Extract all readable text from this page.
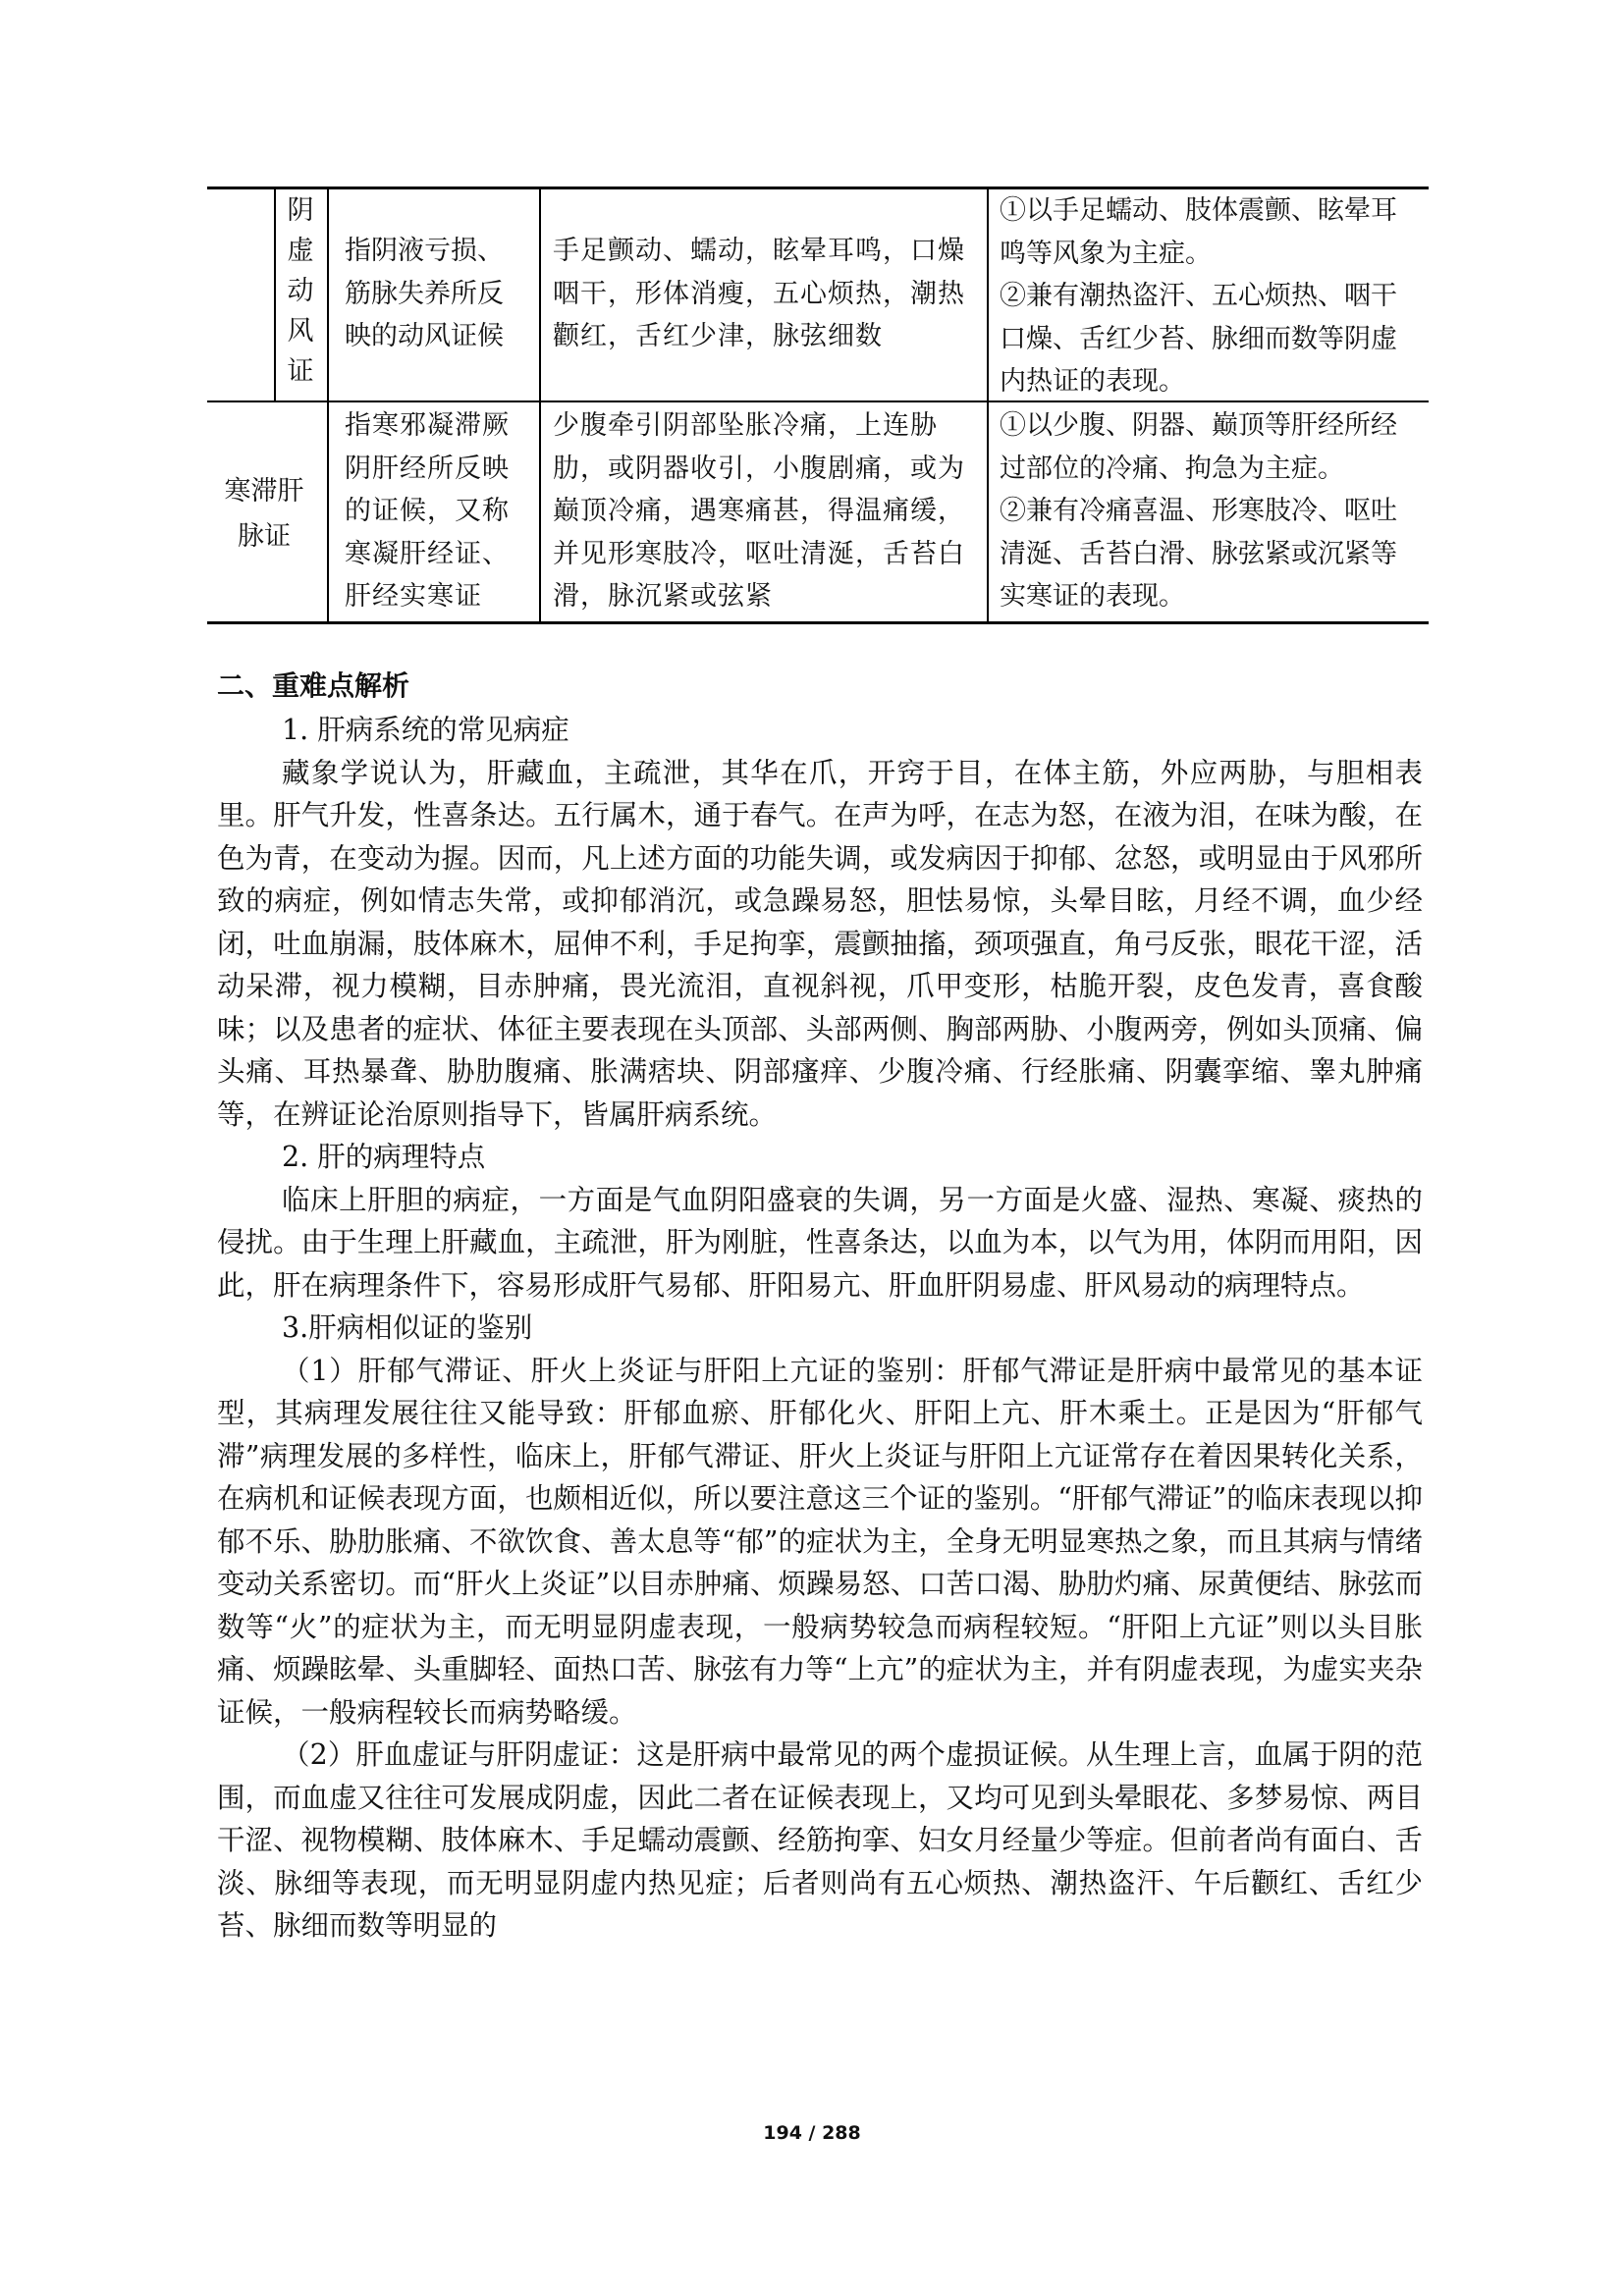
阴
虚
动
风
证

指阴液亏损、筋脉失养所反映的动风证候

手足颤动、蠕动，眩晕耳鸣，口燥咽干，形体消瘦，五心烦热，潮热颧红，舌红少津，脉弦细数

①以手足蠕动、肢体震颤、眩晕耳鸣等风象为主症。

②兼有潮热盗汗、五心烦热、咽干口燥、舌红少苔、脉细而数等阴虚内热证的表现。

寒滞肝脉证

指寒邪凝滞厥阴肝经所反映的证候，又称寒凝肝经证、肝经实寒证

少腹牵引阴部坠胀冷痛，上连胁肋，或阴器收引，小腹剧痛，或为巅顶冷痛，遇寒痛甚，得温痛缓，并见形寒肢冷，呕吐清涎，舌苔白滑，脉沉紧或弦紧

①以少腹、阴器、巅顶等肝经所经过部位的冷痛、拘急为主症。

②兼有冷痛喜温、形寒肢冷、呕吐清涎、舌苔白滑、脉弦紧或沉紧等实寒证的表现。

二、重难点解析

1. 肝病系统的常见病症

藏象学说认为，肝藏血，主疏泄，其华在爪，开窍于目，在体主筋，外应两胁，与胆相表里。肝气升发，性喜条达。五行属木，通于春气。在声为呼，在志为怒，在液为泪，在味为酸，在色为青，在变动为握。因而，凡上述方面的功能失调，或发病因于抑郁、忿怒，或明显由于风邪所致的病症，例如情志失常，或抑郁消沉，或急躁易怒，胆怯易惊，头晕目眩，月经不调，血少经闭，吐血崩漏，肢体麻木，屈伸不利，手足拘挛，震颤抽搐，颈项强直，角弓反张，眼花干涩，活动呆滞，视力模糊，目赤肿痛，畏光流泪，直视斜视，爪甲变形，枯脆开裂，皮色发青，喜食酸味；以及患者的症状、体征主要表现在头顶部、头部两侧、胸部两胁、小腹两旁，例如头顶痛、偏头痛、耳热暴聋、胁肋腹痛、胀满痞块、阴部瘙痒、少腹冷痛、行经胀痛、阴囊挛缩、睾丸肿痛等，在辨证论治原则指导下，皆属肝病系统。

2. 肝的病理特点

临床上肝胆的病症，一方面是气血阴阳盛衰的失调，另一方面是火盛、湿热、寒凝、痰热的侵扰。由于生理上肝藏血，主疏泄，肝为刚脏，性喜条达，以血为本，以气为用，体阴而用阳，因此，肝在病理条件下，容易形成肝气易郁、肝阳易亢、肝血肝阴易虚、肝风易动的病理特点。

3.肝病相似证的鉴别

（1）肝郁气滞证、肝火上炎证与肝阳上亢证的鉴别：肝郁气滞证是肝病中最常见的基本证型，其病理发展往往又能导致：肝郁血瘀、肝郁化火、肝阳上亢、肝木乘土。正是因为“肝郁气滞”病理发展的多样性，临床上，肝郁气滞证、肝火上炎证与肝阳上亢证常存在着因果转化关系，在病机和证候表现方面，也颇相近似，所以要注意这三个证的鉴别。“肝郁气滞证”的临床表现以抑郁不乐、胁肋胀痛、不欲饮食、善太息等“郁”的症状为主，全身无明显寒热之象，而且其病与情绪变动关系密切。而“肝火上炎证”以目赤肿痛、烦躁易怒、口苦口渴、胁肋灼痛、尿黄便结、脉弦而数等“火”的症状为主，而无明显阴虚表现，一般病势较急而病程较短。“肝阳上亢证”则以头目胀痛、烦躁眩晕、头重脚轻、面热口苦、脉弦有力等“上亢”的症状为主，并有阴虚表现，为虚实夹杂证候，一般病程较长而病势略缓。

（2）肝血虚证与肝阴虚证：这是肝病中最常见的两个虚损证候。从生理上言，血属于阴的范围，而血虚又往往可发展成阴虚，因此二者在证候表现上，又均可见到头晕眼花、多梦易惊、两目干涩、视物模糊、肢体麻木、手足蠕动震颤、经筋拘挛、妇女月经量少等症。但前者尚有面白、舌淡、脉细等表现，而无明显阴虚内热见症；后者则尚有五心烦热、潮热盗汗、午后颧红、舌红少苔、脉细而数等明显的

194 / 288
